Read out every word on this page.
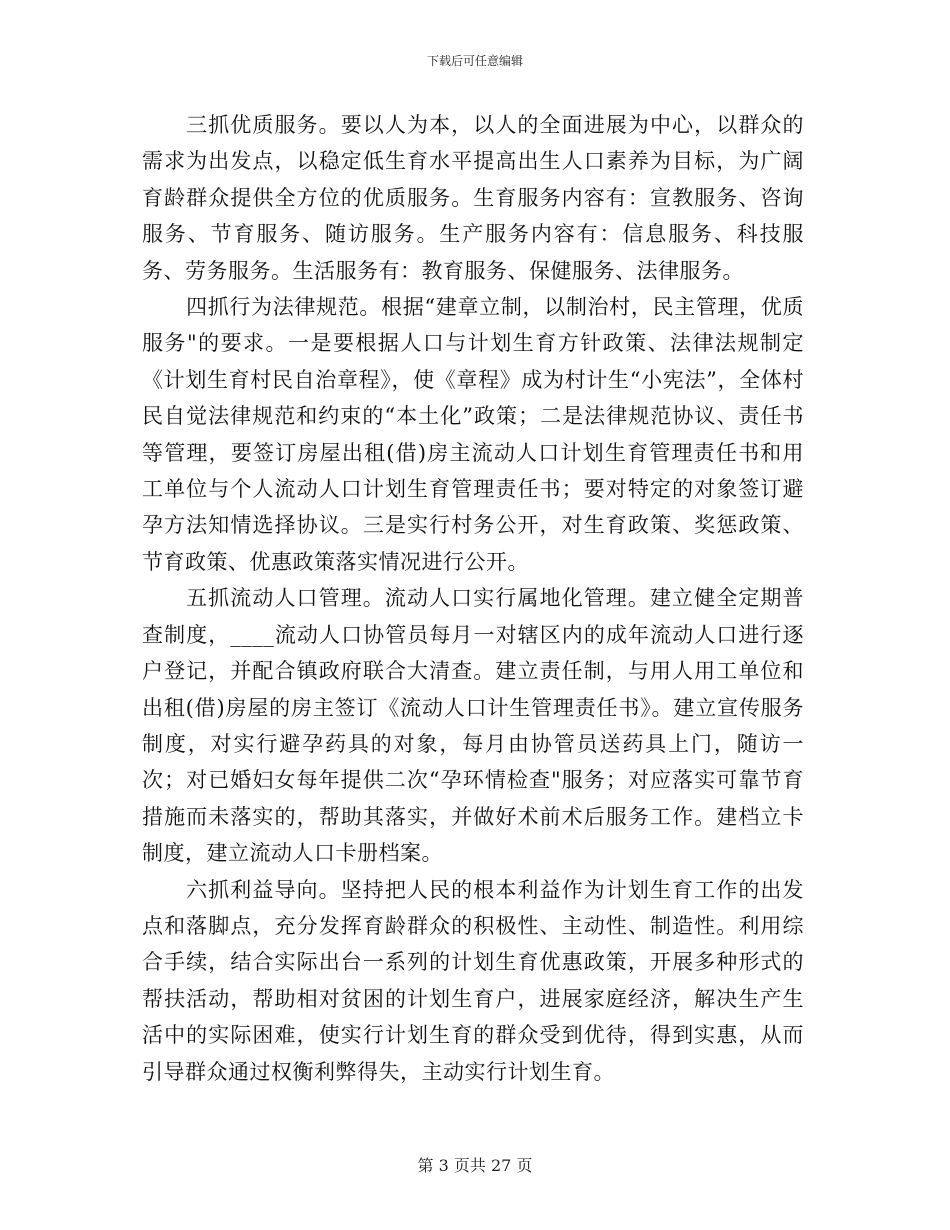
下载后可任意编辑

三抓优质服务。要以人为本，以人的全面进展为中心，以群众的需求为出发点，以稳定低生育水平提高出生人口素养为目标，为广阔育龄群众提供全方位的优质服务。生育服务内容有：宣教服务、咨询服务、节育服务、随访服务。生产服务内容有：信息服务、科技服务、劳务服务。生活服务有：教育服务、保健服务、法律服务。

四抓行为法律规范。根据“建章立制，以制治村，民主管理，优质服务"的要求。一是要根据人口与计划生育方针政策、法律法规制定《计划生育村民自治章程》，使《章程》成为村计生“小宪法”，全体村民自觉法律规范和约束的“本土化”政策；二是法律规范协议、责任书等管理，要签订房屋出租(借)房主流动人口计划生育管理责任书和用工单位与个人流动人口计划生育管理责任书；要对特定的对象签订避孕方法知情选择协议。三是实行村务公开，对生育政策、奖惩政策、节育政策、优惠政策落实情况进行公开。

五抓流动人口管理。流动人口实行属地化管理。建立健全定期普查制度，____流动人口协管员每月一对辖区内的成年流动人口进行逐户登记，并配合镇政府联合大清查。建立责任制，与用人用工单位和出租(借)房屋的房主签订《流动人口计生管理责任书》。建立宣传服务制度，对实行避孕药具的对象，每月由协管员送药具上门，随访一次；对已婚妇女每年提供二次“孕环情检查"服务；对应落实可靠节育措施而未落实的，帮助其落实，并做好术前术后服务工作。建档立卡制度，建立流动人口卡册档案。

六抓利益导向。坚持把人民的根本利益作为计划生育工作的出发点和落脚点，充分发挥育龄群众的积极性、主动性、制造性。利用综合手续，结合实际出台一系列的计划生育优惠政策，开展多种形式的帮扶活动，帮助相对贫困的计划生育户，进展家庭经济，解决生产生活中的实际困难，使实行计划生育的群众受到优待，得到实惠，从而引导群众通过权衡利弊得失，主动实行计划生育。

第 3 页共 27 页
